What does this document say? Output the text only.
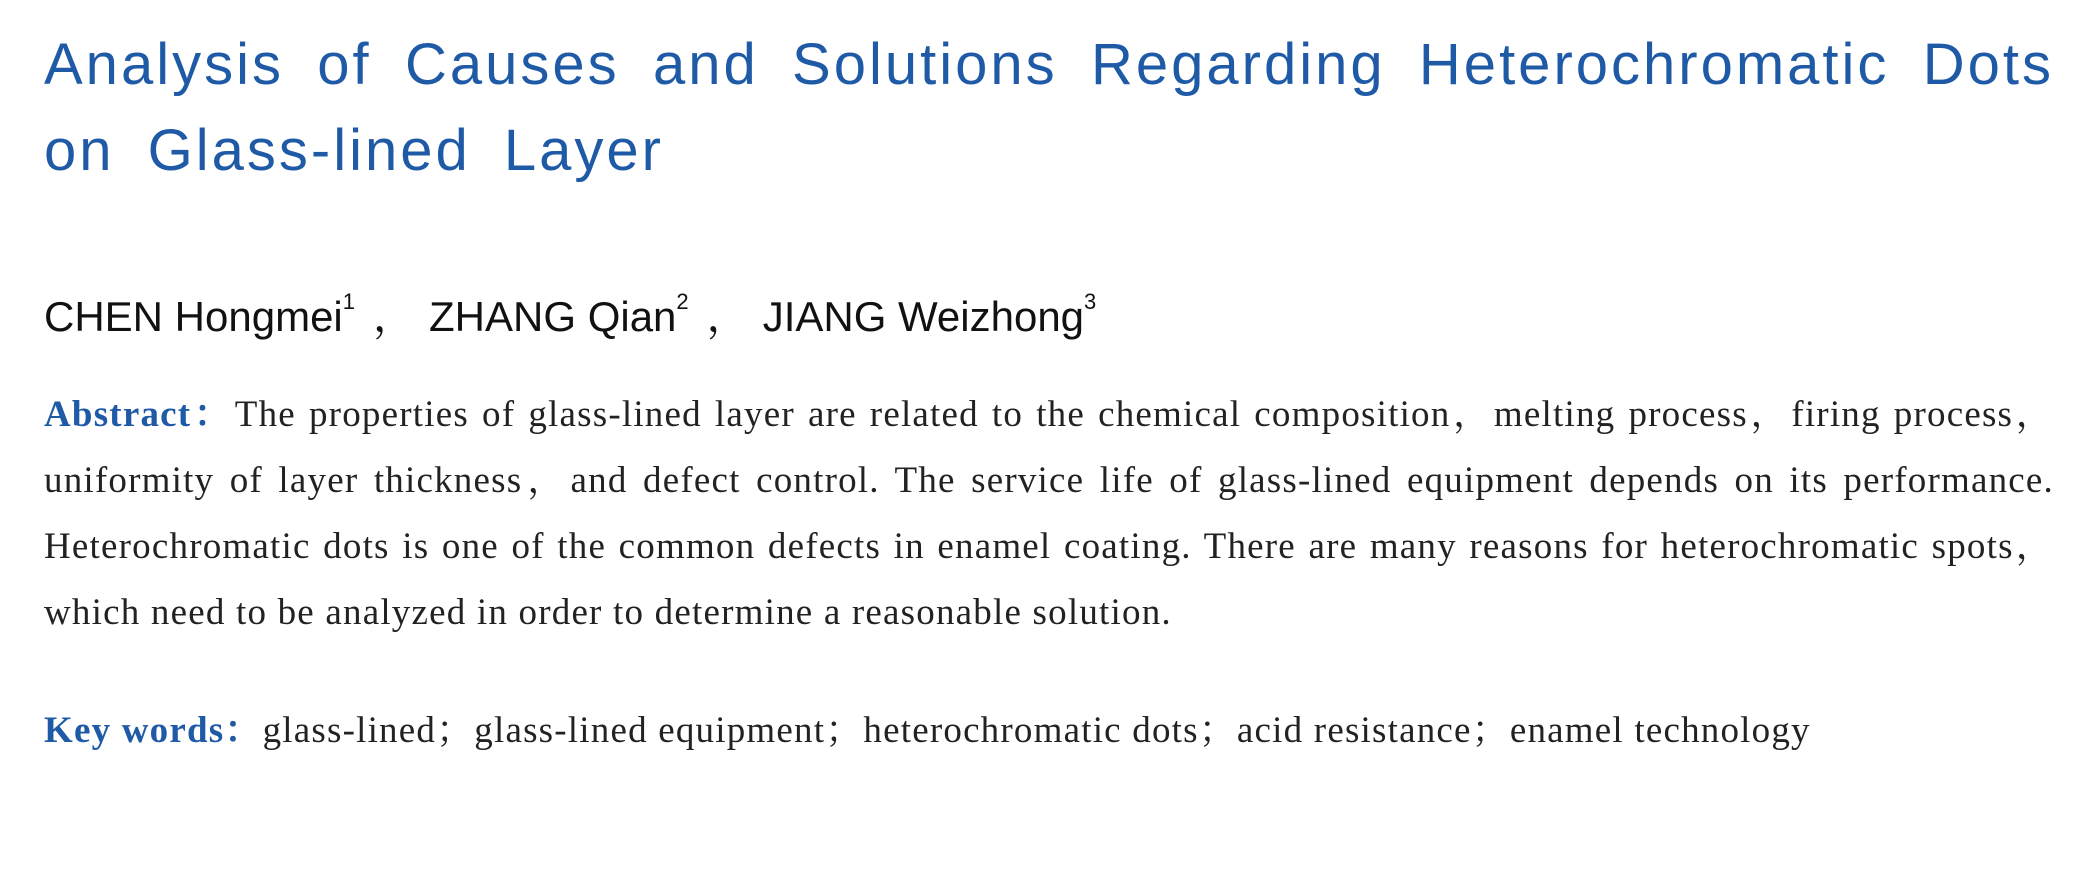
Analysis of Causes and Solutions Regarding Heterochromatic Dots on Glass-lined Layer
CHEN Hongmei$^1$ ， ZHANG Qian$^2$ ， JIANG Weizhong$^3$

Abstract：The properties of glass-lined layer are related to the chemical composition，melting process，firing process，uniformity of layer thickness，and defect control. The service life of glass-lined equipment depends on its performance. Heterochromatic dots is one of the common defects in enamel coating. There are many reasons for heterochromatic spots，which need to be analyzed in order to determine a reasonable solution.

Key words：glass-lined；glass-lined equipment；heterochromatic dots；acid resistance；enamel technology
